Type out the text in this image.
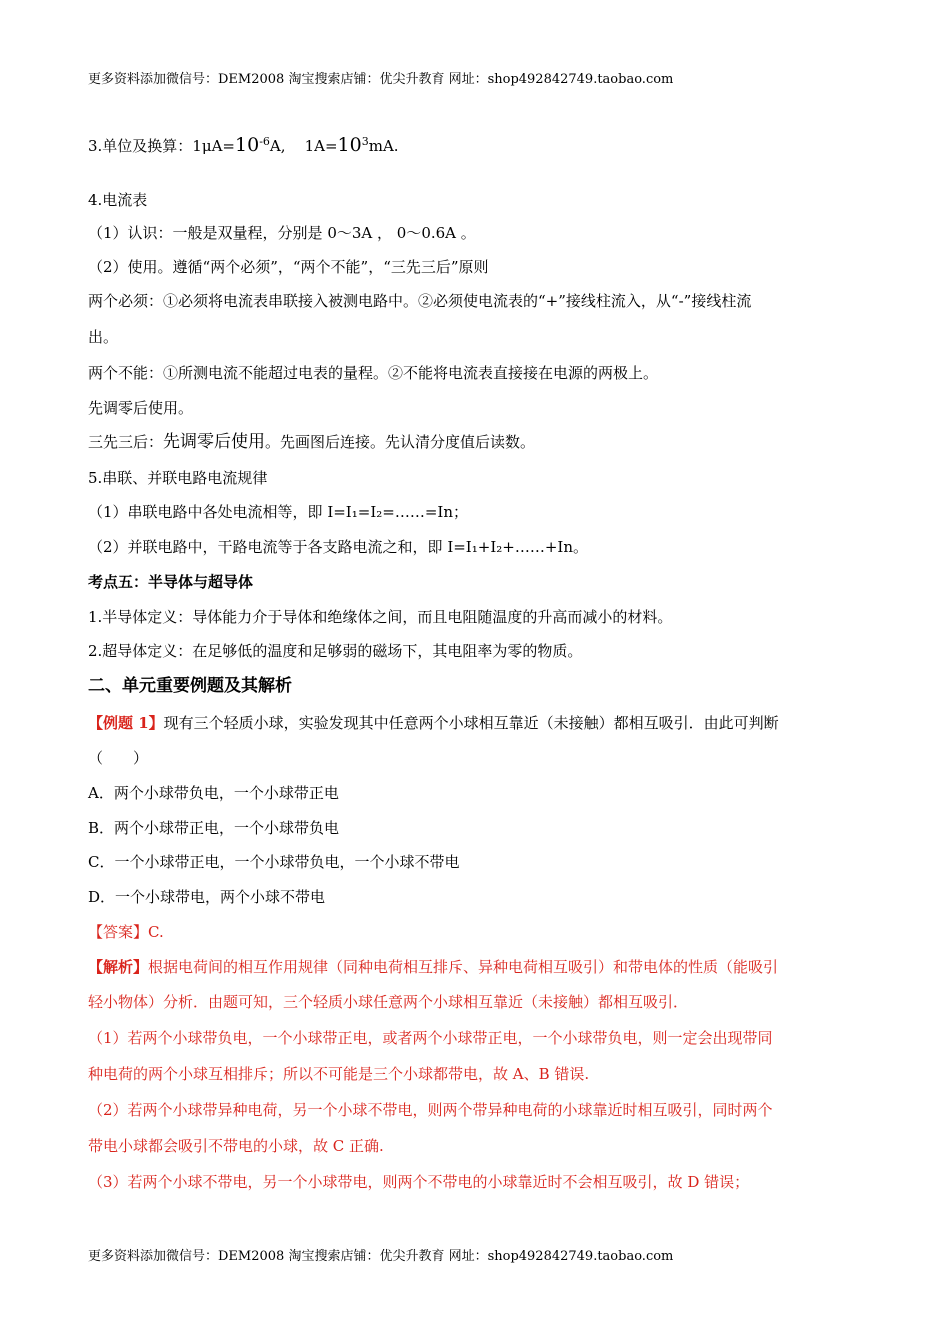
更多资料添加微信号：DEM2008 淘宝搜索店铺：优尖升教育 网址：shop492842749.taobao.com
3.单位及换算：$1\mu A=10^{-6}A$,    $1A=10^3mA$.
4.电流表
（1）认识：一般是双量程，分别是 0～3A ， 0～0.6A 。
（2）使用。遵循“两个必须”，“两个不能”，“三先三后”原则
两个必须：①必须将电流表串联接入被测电路中。②必须使电流表的“+”接线柱流入，从“-”接线柱流
出。
两个不能：①所测电流不能超过电表的量程。②不能将电流表直接接在电源的两极上。
先调零后使用。
三先三后：先调零后使用。先画图后连接。先认清分度值后读数。
5.串联、并联电路电流规律
（1）串联电路中各处电流相等，即 I=I₁=I₂=……=In；
（2）并联电路中，干路电流等于各支路电流之和，即 I=I₁+I₂+……+In。
考点五：半导体与超导体
1.半导体定义：导体能力介于导体和绝缘体之间，而且电阻随温度的升高而减小的材料。
2.超导体定义：在足够低的温度和足够弱的磁场下，其电阻率为零的物质。
二、单元重要例题及其解析
【例题 1】现有三个轻质小球，实验发现其中任意两个小球相互靠近（未接触）都相互吸引．由此可判断
（　　）
A．两个小球带负电，一个小球带正电
B．两个小球带正电，一个小球带负电
C．一个小球带正电，一个小球带负电，一个小球不带电
D．一个小球带电，两个小球不带电
【答案】C.
【解析】根据电荷间的相互作用规律（同种电荷相互排斥、异种电荷相互吸引）和带电体的性质（能吸引
轻小物体）分析．由题可知，三个轻质小球任意两个小球相互靠近（未接触）都相互吸引．
（1）若两个小球带负电，一个小球带正电，或者两个小球带正电，一个小球带负电，则一定会出现带同
种电荷的两个小球互相排斥；所以不可能是三个小球都带电，故 A、B 错误.
（2）若两个小球带异种电荷，另一个小球不带电，则两个带异种电荷的小球靠近时相互吸引，同时两个
带电小球都会吸引不带电的小球，故 C 正确.
（3）若两个小球不带电，另一个小球带电，则两个不带电的小球靠近时不会相互吸引，故 D 错误；
更多资料添加微信号：DEM2008 淘宝搜索店铺：优尖升教育 网址：shop492842749.taobao.com
